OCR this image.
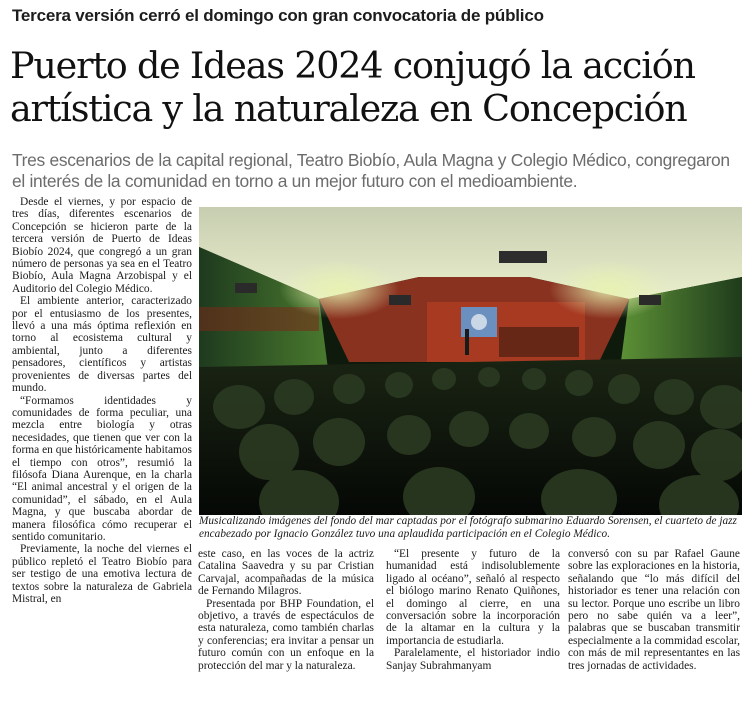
Tercera versión cerró el domingo con gran convocatoria de público
Puerto de Ideas 2024 conjugó la acción artística y la naturaleza en Concepción
Tres escenarios de la capital regional, Teatro Biobío, Aula Magna y Colegio Médico, congregaron el interés de la comunidad en torno a un mejor futuro con el medioambiente.

Desde el viernes, y por espacio de tres días, diferentes escenarios de Concepción se hicieron parte de la tercera versión de Puerto de Ideas Biobío 2024, que congregó a un gran número de personas ya sea en el Teatro Biobío, Aula Magna Arzobispal y el Auditorio del Colegio Médico.

El ambiente anterior, caracterizado por el entusiasmo de los presentes, llevó a una más óptima reflexión en torno al ecosistema cultural y ambiental, junto a diferentes pensadores, científicos y artistas provenientes de diversas partes del mundo.

“Formamos identidades y comunidades de forma peculiar, una mezcla entre biología y otras necesidades, que tienen que ver con la forma en que históricamente habitamos el tiempo con otros”, resumió la filósofa Diana Aurenque, en la charla “El animal ancestral y el origen de la comunidad”, el sábado, en el Aula Magna, y que buscaba abordar de manera filosófica cómo recuperar el sentido comunitario.

Previamente, la noche del viernes el público repletó el Teatro Biobío para ser testigo de una emotiva lectura de textos sobre la naturaleza de Gabriela Mistral, en

Musicalizando imágenes del fondo del mar captadas por el fotógrafo submarino Eduardo Sorensen, el cuarteto de jazz encabezado por Ignacio González tuvo una aplaudida participación en el Colegio Médico.

este caso, en las voces de la actriz Catalina Saavedra y su par Cristian Carvajal, acompañadas de la música de Fernando Milagros.

Presentada por BHP Foundation, el objetivo, a través de espectáculos de esta naturaleza, como también charlas y conferencias; era invitar a pensar un futuro común con un enfoque en la protección del mar y la naturaleza.

“El presente y futuro de la humanidad está indisolublemente ligado al océano”, señaló al respecto el biólogo marino Renato Quiñones, el domingo al cierre, en una conversación sobre la incorporación de la altamar en la cultura y la importancia de estudiarla.

Paralelamente, el historiador indio Sanjay Subrahmanyam

conversó con su par Rafael Gaune sobre las exploraciones en la historia, señalando que “lo más difícil del historiador es tener una relación con su lector. Porque uno escribe un libro pero no sabe quién va a leer”, palabras que se buscaban transmitir especialmente a la commidad escolar, con más de mil representantes en las tres jornadas de actividades.
